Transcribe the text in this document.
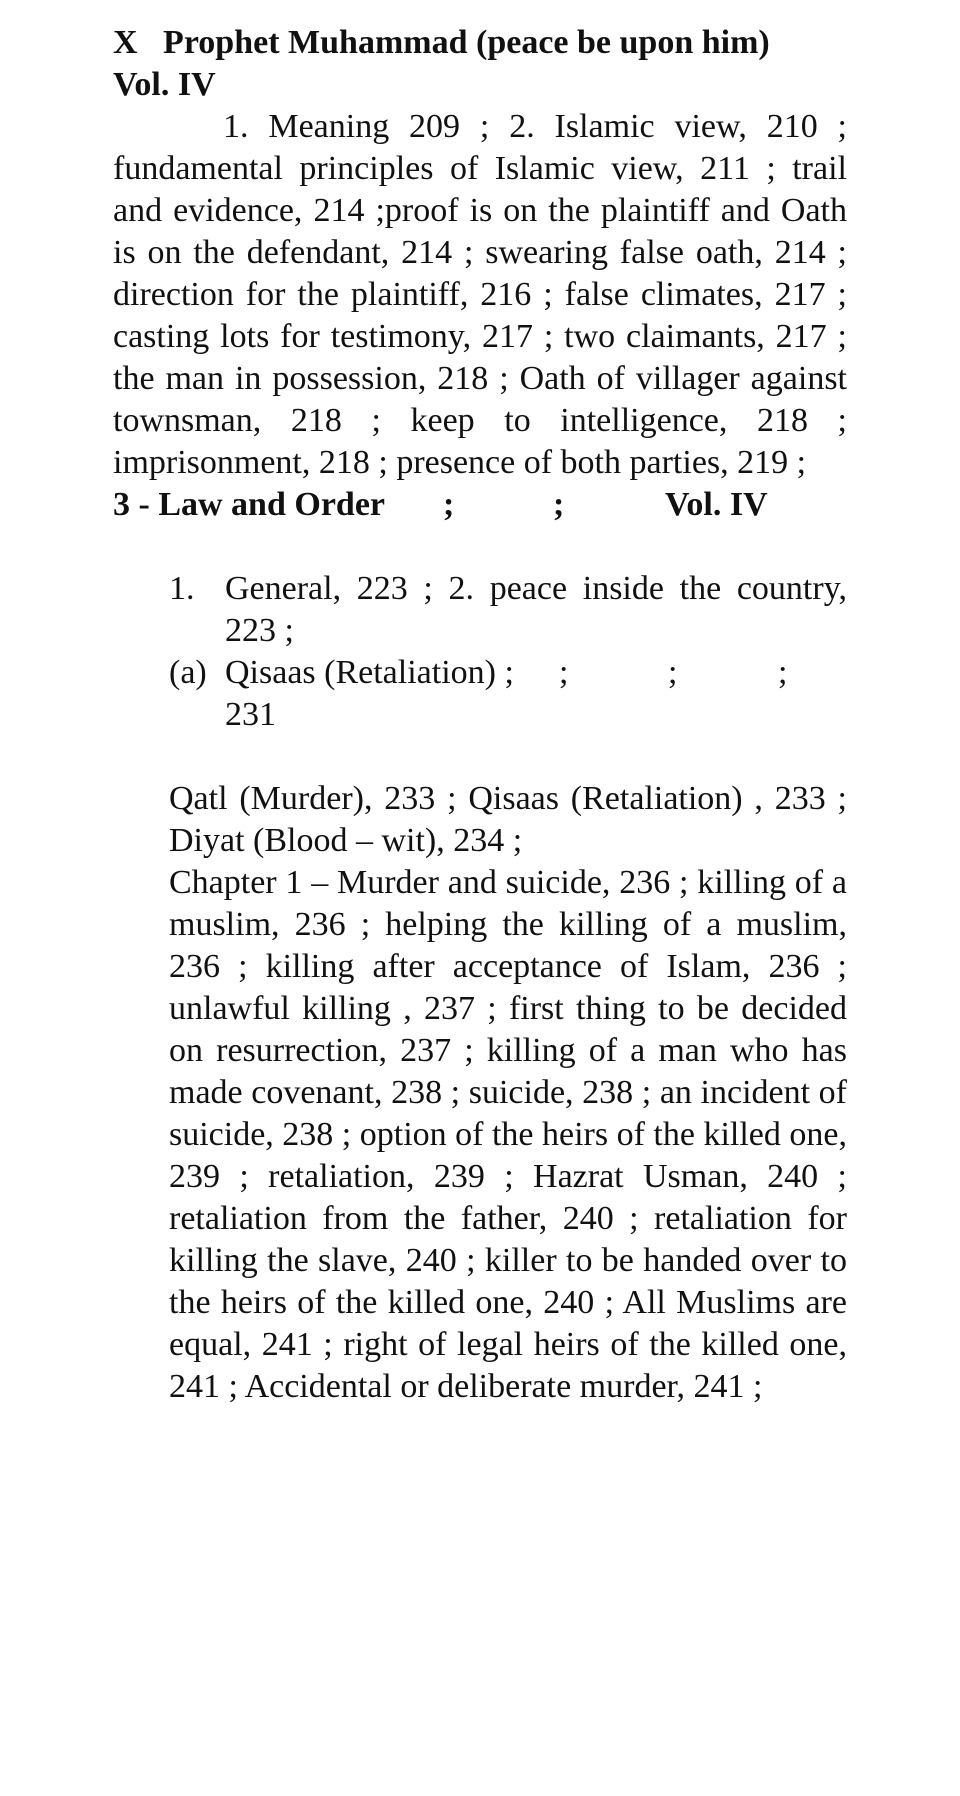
X   Prophet Muhammad (peace be upon him)
Vol. IV

1. Meaning 209 ; 2. Islamic view, 210 ; fundamental principles of Islamic view, 211 ; trail and evidence, 214 ;proof is on the plaintiff and Oath is on the defendant, 214 ; swearing false oath, 214 ; direction for the plaintiff, 216 ; false climates, 217 ; casting lots for testimony, 217 ; two claimants, 217 ; the man in possession, 218 ; Oath of villager against townsman, 218 ; keep to intelligence, 218 ; imprisonment, 218 ; presence of both parties, 219 ;

3 - Law and Order ;	;	Vol. IV
1. General, 223 ; 2. peace inside the country, 223 ;
(a) Qisaas (Retaliation) ; ;	;	;
231

Qatl (Murder), 233 ; Qisaas (Retaliation) , 233 ; Diyat (Blood – wit), 234 ;

Chapter 1 – Murder and suicide, 236 ; killing of a muslim, 236 ; helping the killing of a muslim, 236 ; killing after acceptance of Islam, 236 ; unlawful killing , 237 ; first thing to be decided on resurrection, 237 ; killing of a man who has made covenant, 238 ; suicide, 238 ; an incident of suicide, 238 ; option of the heirs of the killed one, 239 ; retaliation, 239 ; Hazrat Usman, 240 ; retaliation from the father, 240 ; retaliation for killing the slave, 240 ; killer to be handed over to the heirs of the killed one, 240 ; All Muslims are equal, 241 ; right of legal heirs of the killed one, 241 ; Accidental or deliberate murder, 241 ;
